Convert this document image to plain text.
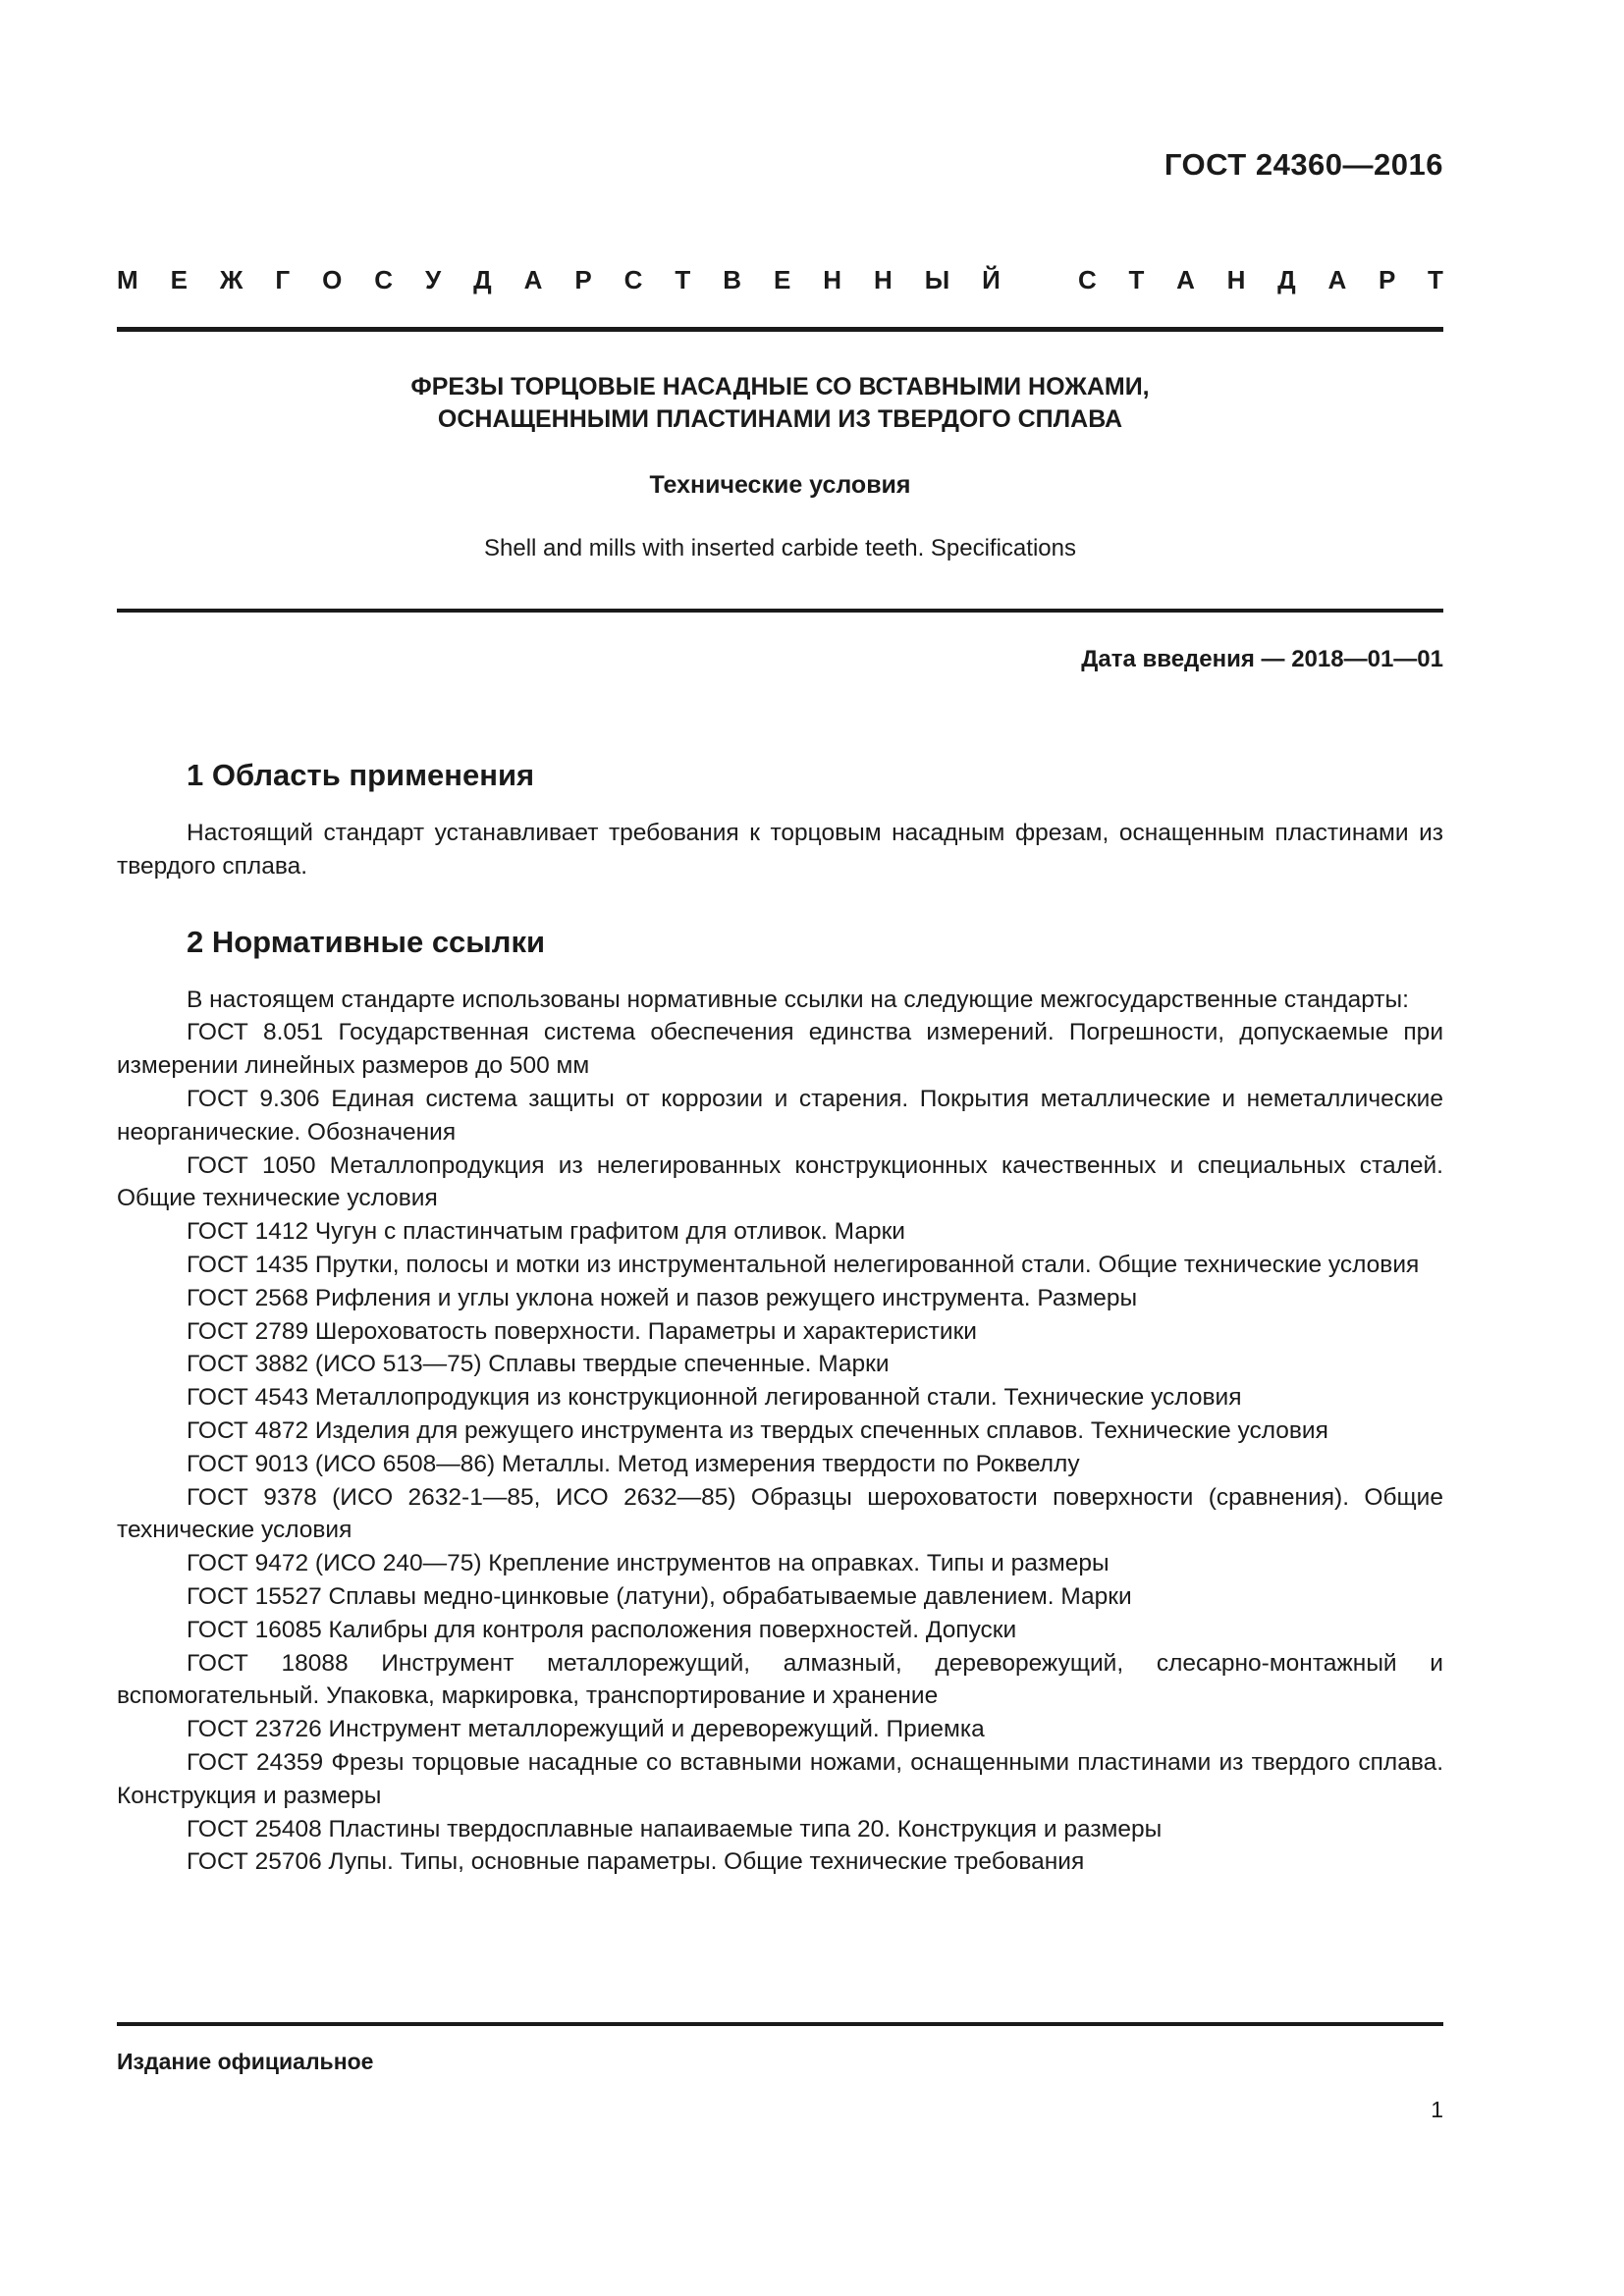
ГОСТ 24360—2016
М Е Ж Г О С У Д А Р С Т В Е Н Н Ы Й	С Т А Н Д А Р Т
ФРЕЗЫ ТОРЦОВЫЕ НАСАДНЫЕ СО ВСТАВНЫМИ НОЖАМИ,
ОСНАЩЕННЫМИ ПЛАСТИНАМИ ИЗ ТВЕРДОГО СПЛАВА
Технические условия
Shell and mills with inserted carbide teeth. Specifications
Дата введения — 2018—01—01
1 Область применения

Настоящий стандарт устанавливает требования к торцовым насадным фрезам, оснащенным пластинами из твердого сплава.

2 Нормативные ссылки

В настоящем стандарте использованы нормативные ссылки на следующие межгосударственные стандарты:

ГОСТ 8.051 Государственная система обеспечения единства измерений. Погрешности, допускаемые при измерении линейных размеров до 500 мм
ГОСТ 9.306 Единая система защиты от коррозии и старения. Покрытия металлические и неметаллические неорганические. Обозначения
ГОСТ 1050 Металлопродукция из нелегированных конструкционных качественных и специальных сталей. Общие технические условия
ГОСТ 1412 Чугун с пластинчатым графитом для отливок. Марки
ГОСТ 1435 Прутки, полосы и мотки из инструментальной нелегированной стали. Общие технические условия
ГОСТ 2568 Рифления и углы уклона ножей и пазов режущего инструмента. Размеры
ГОСТ 2789 Шероховатость поверхности. Параметры и характеристики
ГОСТ 3882 (ИСО 513—75) Сплавы твердые спеченные. Марки
ГОСТ 4543 Металлопродукция из конструкционной легированной стали. Технические условия
ГОСТ 4872 Изделия для режущего инструмента из твердых спеченных сплавов. Технические условия
ГОСТ 9013 (ИСО 6508—86) Металлы. Метод измерения твердости по Роквеллу
ГОСТ 9378 (ИСО 2632-1—85, ИСО 2632—85) Образцы шероховатости поверхности (сравнения). Общие технические условия
ГОСТ 9472 (ИСО 240—75) Крепление инструментов на оправках. Типы и размеры
ГОСТ 15527 Сплавы медно-цинковые (латуни), обрабатываемые давлением. Марки
ГОСТ 16085 Калибры для контроля расположения поверхностей. Допуски
ГОСТ 18088 Инструмент металлорежущий, алмазный, дереворежущий, слесарно-монтажный и вспомогательный. Упаковка, маркировка, транспортирование и хранение
ГОСТ 23726 Инструмент металлорежущий и дереворежущий. Приемка
ГОСТ 24359 Фрезы торцовые насадные со вставными ножами, оснащенными пластинами из твердого сплава. Конструкция и размеры
ГОСТ 25408 Пластины твердосплавные напаиваемые типа 20. Конструкция и размеры
ГОСТ 25706 Лупы. Типы, основные параметры. Общие технические требования
Издание официальное
1
